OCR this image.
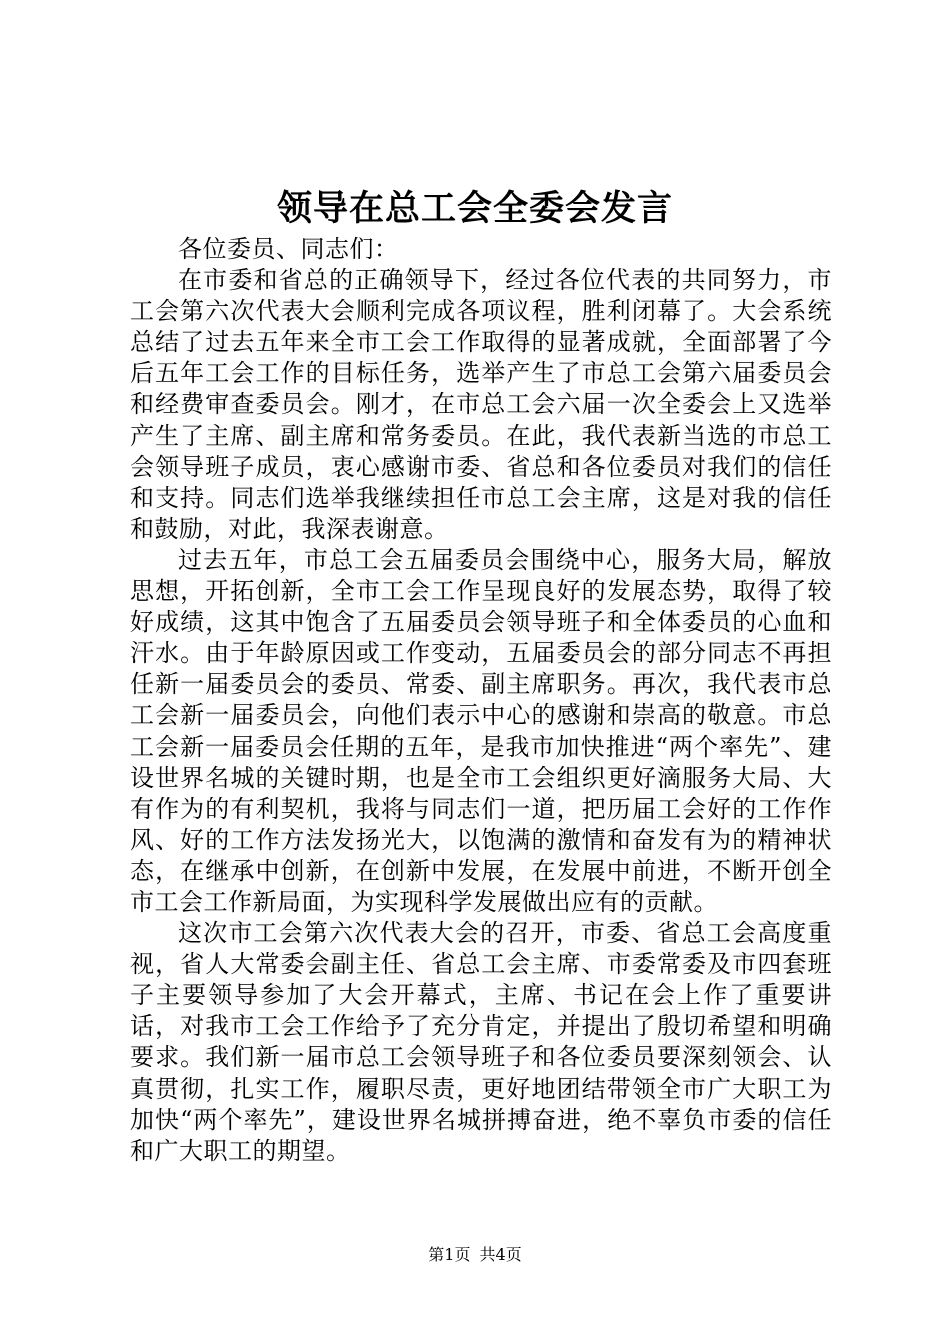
领导在总工会全委会发言

各位委员、同志们：

在市委和省总的正确领导下，经过各位代表的共同努力，市工会第六次代表大会顺利完成各项议程，胜利闭幕了。大会系统总结了过去五年来全市工会工作取得的显著成就，全面部署了今后五年工会工作的目标任务，选举产生了市总工会第六届委员会和经费审查委员会。刚才，在市总工会六届一次全委会上又选举产生了主席、副主席和常务委员。在此，我代表新当选的市总工会领导班子成员，衷心感谢市委、省总和各位委员对我们的信任和支持。同志们选举我继续担任市总工会主席，这是对我的信任和鼓励，对此，我深表谢意。

过去五年，市总工会五届委员会围绕中心，服务大局，解放思想，开拓创新，全市工会工作呈现良好的发展态势，取得了较好成绩，这其中饱含了五届委员会领导班子和全体委员的心血和汗水。由于年龄原因或工作变动，五届委员会的部分同志不再担任新一届委员会的委员、常委、副主席职务。再次，我代表市总工会新一届委员会，向他们表示中心的感谢和崇高的敬意。市总工会新一届委员会任期的五年，是我市加快推进“两个率先”、建设世界名城的关键时期，也是全市工会组织更好滴服务大局、大有作为的有利契机，我将与同志们一道，把历届工会好的工作作风、好的工作方法发扬光大，以饱满的激情和奋发有为的精神状态，在继承中创新，在创新中发展，在发展中前进，不断开创全市工会工作新局面，为实现科学发展做出应有的贡献。

这次市工会第六次代表大会的召开，市委、省总工会高度重视，省人大常委会副主任、省总工会主席、市委常委及市四套班子主要领导参加了大会开幕式，主席、书记在会上作了重要讲话，对我市工会工作给予了充分肯定，并提出了殷切希望和明确要求。我们新一届市总工会领导班子和各位委员要深刻领会、认真贯彻，扎实工作，履职尽责，更好地团结带领全市广大职工为加快“两个率先”，建设世界名城拼搏奋进，绝不辜负市委的信任和广大职工的期望。

第1页 共4页
